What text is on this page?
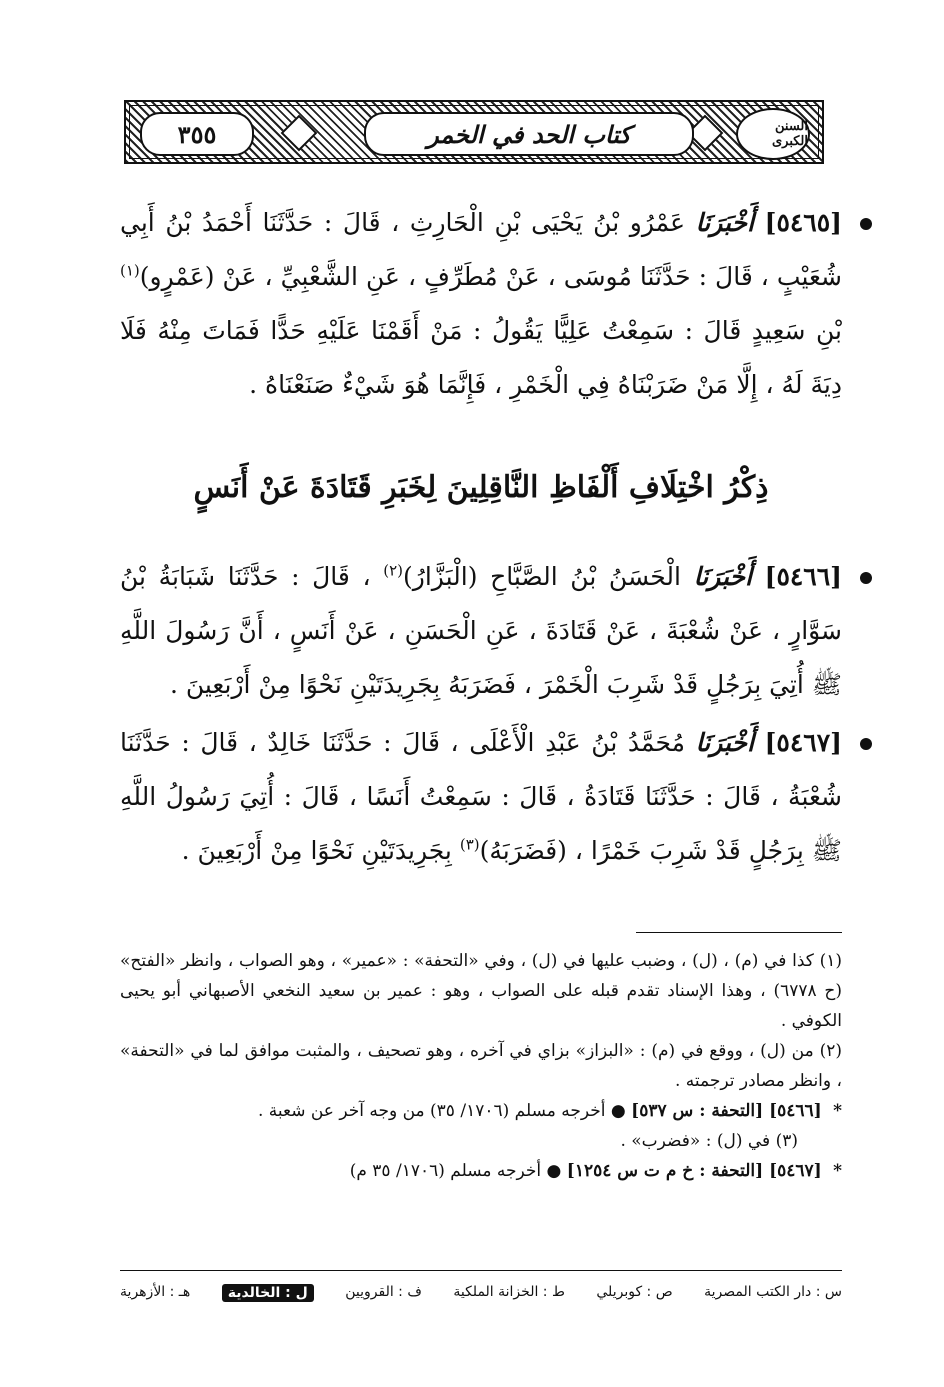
السنن الكبرى
كتاب الحد في الخمر
٣٥٥

[٥٤٦٥] أَخْبَرَنَا عَمْرُو بْنُ يَحْيَى بْنِ الْحَارِثِ ، قَالَ : حَدَّثَنَا أَحْمَدُ بْنُ أَبِي شُعَيْبٍ ، قَالَ : حَدَّثَنَا مُوسَى ، عَنْ مُطَرِّفٍ ، عَنِ الشَّعْبِيِّ ، عَنْ (عَمْرٍو)$^{(١)}$ بْنِ سَعِيدٍ قَالَ : سَمِعْتُ عَلِيًّا يَقُولُ : مَنْ أَقَمْنَا عَلَيْهِ حَدًّا فَمَاتَ مِنْهُ فَلَا دِيَةَ لَهُ ، إِلَّا مَنْ ضَرَبْنَاهُ فِي الْخَمْرِ ، فَإِنَّمَا هُوَ شَيْءٌ صَنَعْنَاهُ .

[٥٤٦٦] أَخْبَرَنَا الْحَسَنُ بْنُ الصَّبَّاحِ (الْبَزَّارُ)$^{(٢)}$ ، قَالَ : حَدَّثَنَا شَبَابَةُ بْنُ سَوَّارٍ ، عَنْ شُعْبَةَ ، عَنْ قَتَادَةَ ، عَنِ الْحَسَنِ ، عَنْ أَنَسٍ ، أَنَّ رَسُولَ اللَّهِ ﷺ أُتِيَ بِرَجُلٍ قَدْ شَرِبَ الْخَمْرَ ، فَضَرَبَهُ بِجَرِيدَتَيْنِ نَحْوًا مِنْ أَرْبَعِينَ .

[٥٤٦٧] أَخْبَرَنَا مُحَمَّدُ بْنُ عَبْدِ الْأَعْلَى ، قَالَ : حَدَّثَنَا خَالِدٌ ، قَالَ : حَدَّثَنَا شُعْبَةُ ، قَالَ : حَدَّثَنَا قَتَادَةُ ، قَالَ : سَمِعْتُ أَنَسًا ، قَالَ : أُتِيَ رَسُولُ اللَّهِ ﷺ بِرَجُلٍ قَدْ شَرِبَ خَمْرًا ، (فَضَرَبَهُ)$^{(٣)}$ بِجَرِيدَتَيْنِ نَحْوًا مِنْ أَرْبَعِينَ .

ذِكْرُ اخْتِلَافِ أَلْفَاظِ النَّاقِلِينَ لِخَبَرِ قَتَادَةَ عَنْ أَنَسٍ

(١) كذا في (م) ، (ل) ، وضبب عليها في (ل) ، وفي «التحفة» : «عمير» ، وهو الصواب ، وانظر «الفتح» (ح ٦٧٧٨) ، وهذا الإسناد تقدم قبله على الصواب ، وهو : عمير بن سعيد النخعي الأصبهاني أبو يحيى الكوفي .

(٢) من (ل) ، ووقع في (م) : «البزاز» بزاي في آخره ، وهو تصحيف ، والمثبت موافق لما في «التحفة» ، وانظر مصادر ترجمته .

* [٥٤٦٦] [التحفة : س ٥٣٧] ● أخرجه مسلم (١٧٠٦/ ٣٥) من وجه آخر عن شعبة .

(٣) في (ل) : «فضرب» .

* [٥٤٦٧] [التحفة : خ م ت س ١٢٥٤] ● أخرجه مسلم (١٧٠٦/ ٣٥ م)

س : دار الكتب المصرية
ص : كوبريلي
ط : الخزانة الملكية
ف : القرويين
ل : الخالدية
هـ : الأزهرية
